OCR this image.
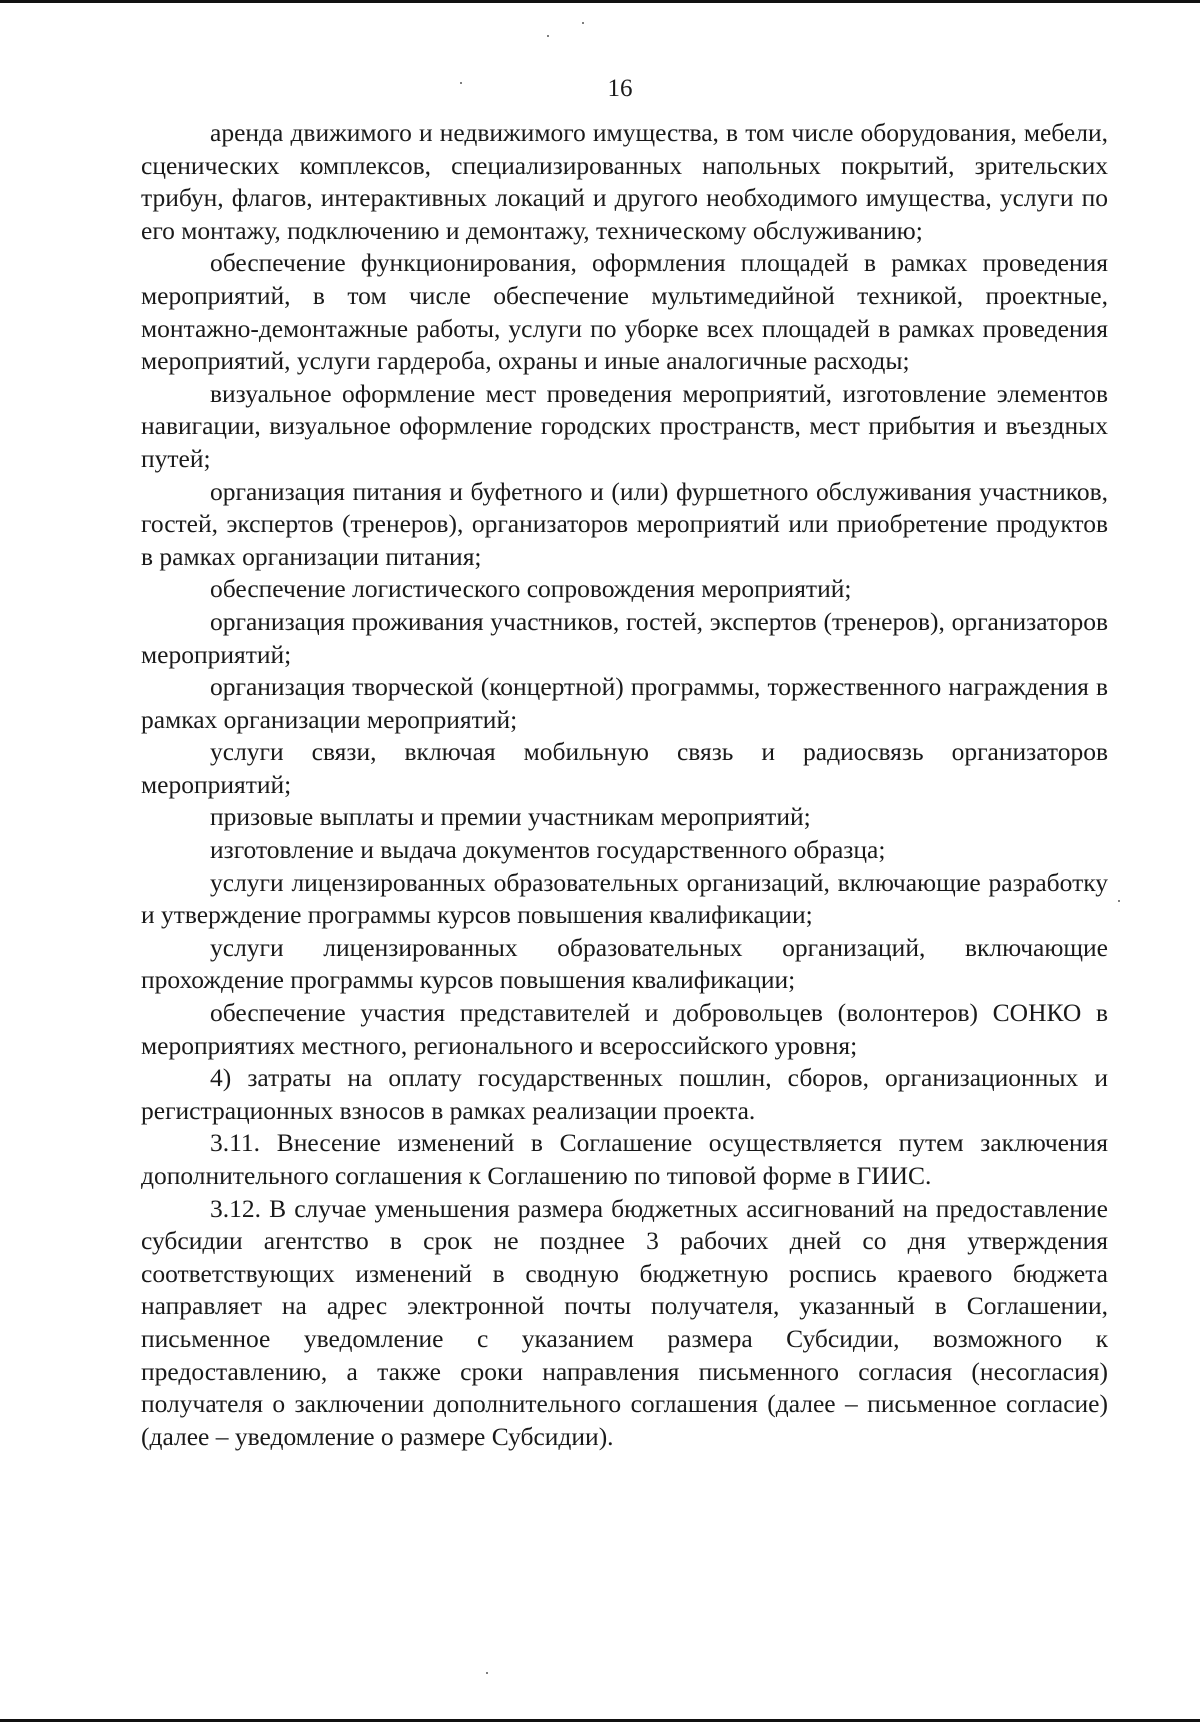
16

аренда движимого и недвижимого имущества, в том числе оборудования, мебели, сценических комплексов, специализированных напольных покрытий, зрительских трибун, флагов, интерактивных локаций и другого необходимого имущества, услуги по его монтажу, подключению и демонтажу, техническому обслуживанию;

обеспечение функционирования, оформления площадей в рамках проведения мероприятий, в том числе обеспечение мультимедийной техникой, проектные, монтажно-демонтажные работы, услуги по уборке всех площадей в рамках проведения мероприятий, услуги гардероба, охраны и иные аналогичные расходы;

визуальное оформление мест проведения мероприятий, изготовление элементов навигации, визуальное оформление городских пространств, мест прибытия и въездных путей;

организация питания и буфетного и (или) фуршетного обслуживания участников, гостей, экспертов (тренеров), организаторов мероприятий или приобретение продуктов в рамках организации питания;

обеспечение логистического сопровождения мероприятий;

организация проживания участников, гостей, экспертов (тренеров), организаторов мероприятий;

организация творческой (концертной) программы, торжественного награждения в рамках организации мероприятий;

услуги связи, включая мобильную связь и радиосвязь организаторов мероприятий;

призовые выплаты и премии участникам мероприятий;

изготовление и выдача документов государственного образца;

услуги лицензированных образовательных организаций, включающие разработку и утверждение программы курсов повышения квалификации;

услуги лицензированных образовательных организаций, включающие прохождение программы курсов повышения квалификации;

обеспечение участия представителей и добровольцев (волонтеров) СОНКО в мероприятиях местного, регионального и всероссийского уровня;

4) затраты на оплату государственных пошлин, сборов, организационных и регистрационных взносов в рамках реализации проекта.

3.11. Внесение изменений в Соглашение осуществляется путем заключения дополнительного соглашения к Соглашению по типовой форме в ГИИС.

3.12. В случае уменьшения размера бюджетных ассигнований на предоставление субсидии агентство в срок не позднее 3 рабочих дней со дня утверждения соответствующих изменений в сводную бюджетную роспись краевого бюджета направляет на адрес электронной почты получателя, указанный в Соглашении, письменное уведомление с указанием размера Субсидии, возможного к предоставлению, а также сроки направления письменного согласия (несогласия) получателя о заключении дополнительного соглашения (далее – письменное согласие) (далее – уведомление о размере Субсидии).
